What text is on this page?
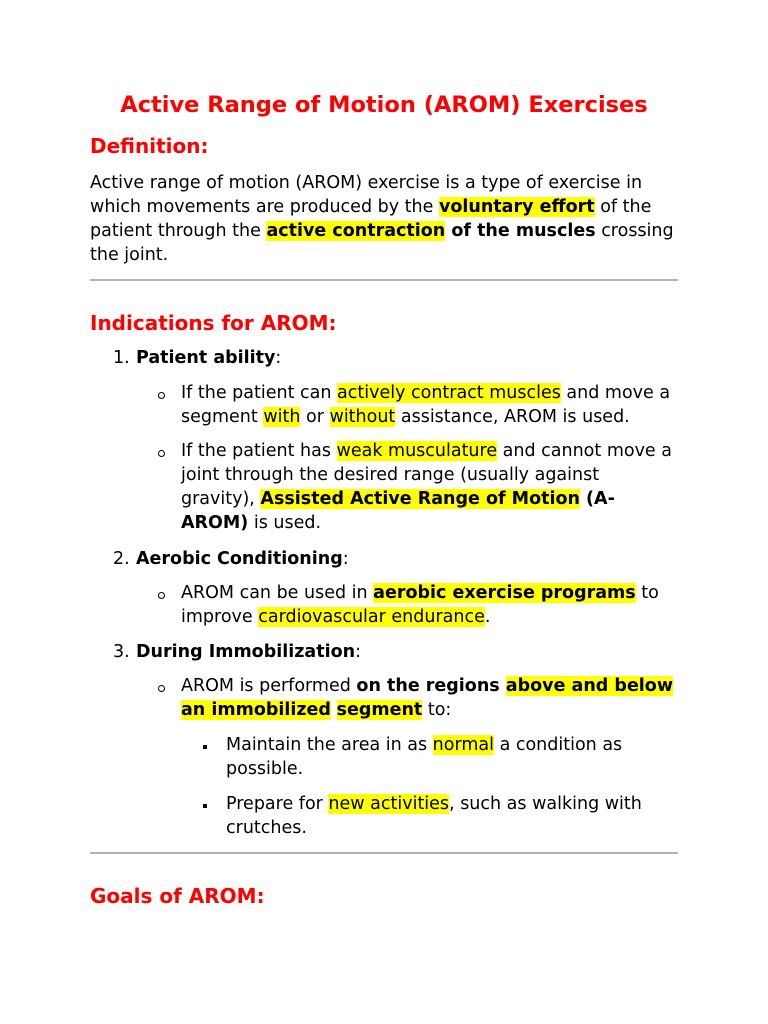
Active Range of Motion (AROM) Exercises
Definition:

Active range of motion (AROM) exercise is a type of exercise in
which movements are produced by the voluntary effort of the
patient through the active contraction of the muscles crossing
the joint.

Indications for AROM:
1. Patient ability:
If the patient can actively contract muscles and move a
segment with or without assistance, AROM is used.
If the patient has weak musculature and cannot move a
joint through the desired range (usually against
gravity), Assisted Active Range of Motion (A-
AROM) is used.
2. Aerobic Conditioning:
AROM can be used in aerobic exercise programs to
improve cardiovascular endurance.
3. During Immobilization:
AROM is performed on the regions above and below
an immobilized segment to:
Maintain the area in as normal a condition as
possible.
Prepare for new activities, such as walking with
crutches.
Goals of AROM:
